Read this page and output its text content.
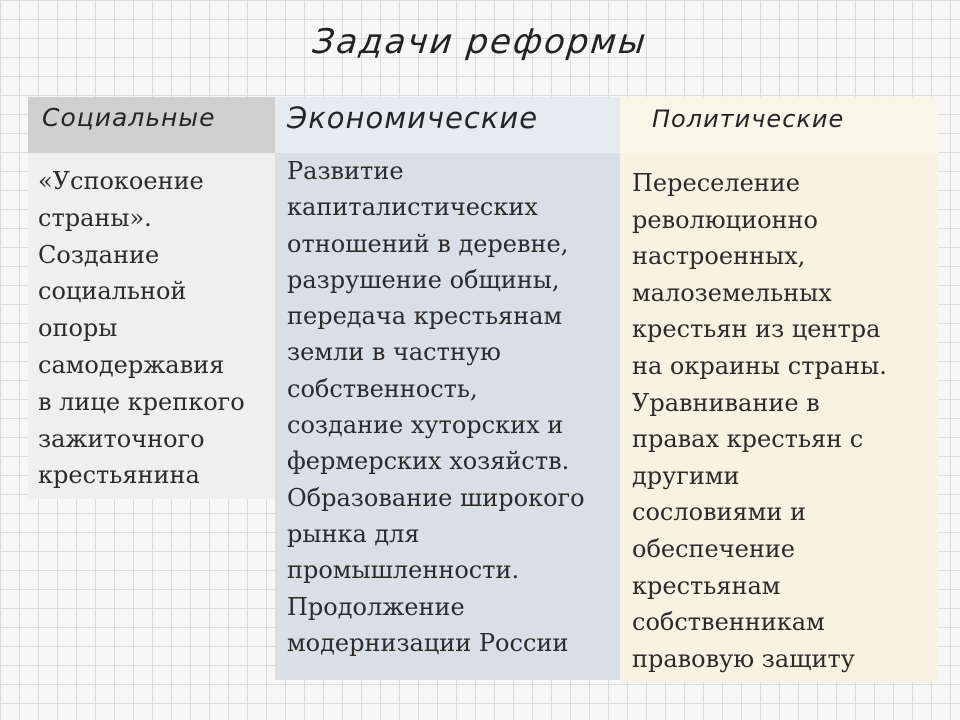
Задачи реформы
Социальные
«Успокоение
страны».
Создание
социальной
опоры
самодержавия
в лице крепкого
зажиточного
крестьянина
Развитие
капиталистических
отношений в деревне,
разрушение общины,
передача крестьянам
земли в частную
собственность,
создание хуторских и
фермерских хозяйств.
Образование широкого
рынка для
промышленности.
Продолжение
модернизации России
Экономические
Переселение
революционно
настроенных,
малоземельных
крестьян из центра
на окраины страны.
Уравнивание в
правах крестьян с
другими
сословиями и
обеспечение
крестьянам
собственникам
правовую защиту
Политические
